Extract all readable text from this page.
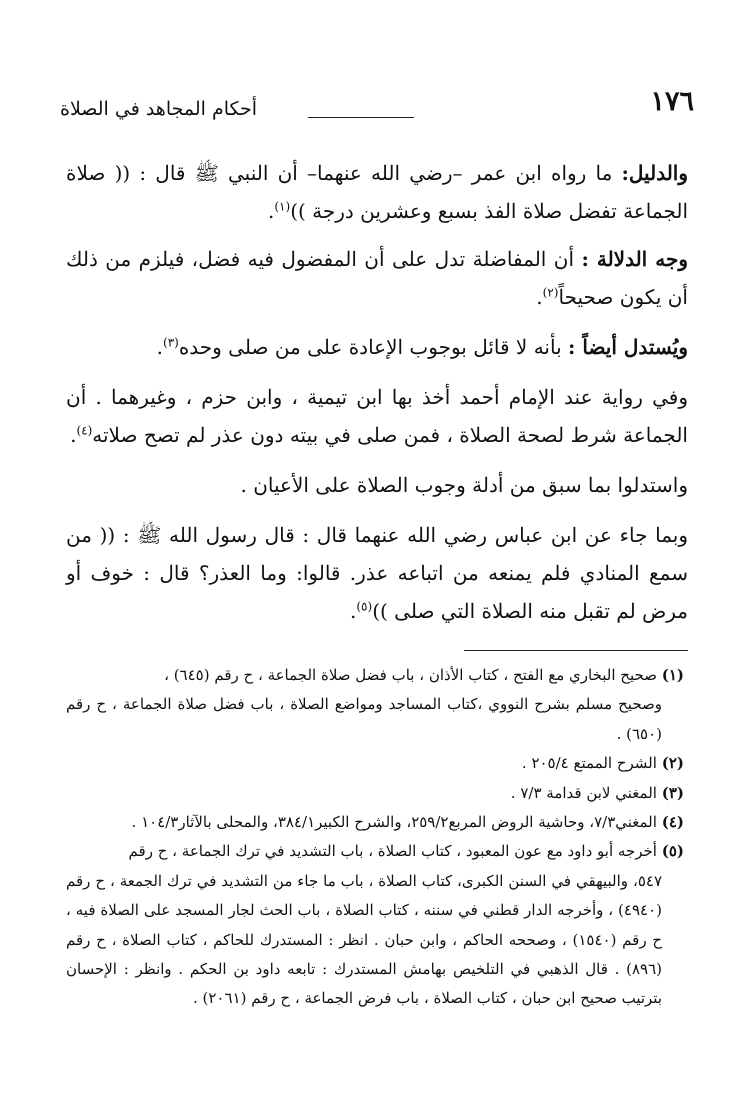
١٧٦
أحكام المجاهد في الصلاة

والدليل: ما رواه ابن عمر –رضي الله عنهما– أن النبي ﷺ قال : (( صلاة الجماعة تفضل صلاة الفذ بسبع وعشرين درجة ))$^{(١)}$.

وجه الدلالة : أن المفاضلة تدل على أن المفضول فيه فضل، فيلزم من ذلك أن يكون صحيحاً$^{(٢)}$.

ويُستدل أيضاً : بأنه لا قائل بوجوب الإعادة على من صلى وحده$^{(٣)}$.

وفي رواية عند الإمام أحمد أخذ بها ابن تيمية ، وابن حزم ، وغيرهما . أن الجماعة شرط لصحة الصلاة ، فمن صلى في بيته دون عذر لم تصح صلاته$^{(٤)}$.

واستدلوا بما سبق من أدلة وجوب الصلاة على الأعيان .

وبما جاء عن ابن عباس رضي الله عنهما قال : قال رسول الله ﷺ : (( من سمع المنادي فلم يمنعه من اتباعه عذر. قالوا: وما العذر؟ قال : خوف أو مرض لم تقبل منه الصلاة التي صلى ))$^{(٥)}$.

(١) صحيح البخاري مع الفتح ، كتاب الأذان ، باب فضل صلاة الجماعة ، ح رقم (٦٤٥) ،
وصحيح مسلم بشرح النووي ،كتاب المساجد ومواضع الصلاة ، باب فضل صلاة الجماعة ، ح رقم (٦٥٠) .

(٢) الشرح الممتع ٢٠٥/٤ .

(٣) المغني لابن قدامة ٧/٣ .

(٤) المغني٧/٣، وحاشية الروض المربع٢٥٩/٢، والشرح الكبير٣٨٤/١، والمحلى بالآثار١٠٤/٣ .

(٥) أخرجه أبو داود مع عون المعبود ، كتاب الصلاة ، باب التشديد في ترك الجماعة ، ح رقم
٥٤٧، والبيهقي في السنن الكبرى، كتاب الصلاة ، باب ما جاء من التشديد في ترك الجمعة ، ح رقم (٤٩٤٠) ، وأخرجه الدار قطني في سننه ، كتاب الصلاة ، باب الحث لجار المسجد على الصلاة فيه ، ح رقم (١٥٤٠) ، وصححه الحاكم ، وابن حبان . انظر : المستدرك للحاكم ، كتاب الصلاة ، ح رقم (٨٩٦) . قال الذهبي في التلخيص بهامش المستدرك : تابعه داود بن الحكم . وانظر : الإحسان بترتيب صحيح ابن حبان ، كتاب الصلاة ، باب فرض الجماعة ، ح رقم (٢٠٦١) .
